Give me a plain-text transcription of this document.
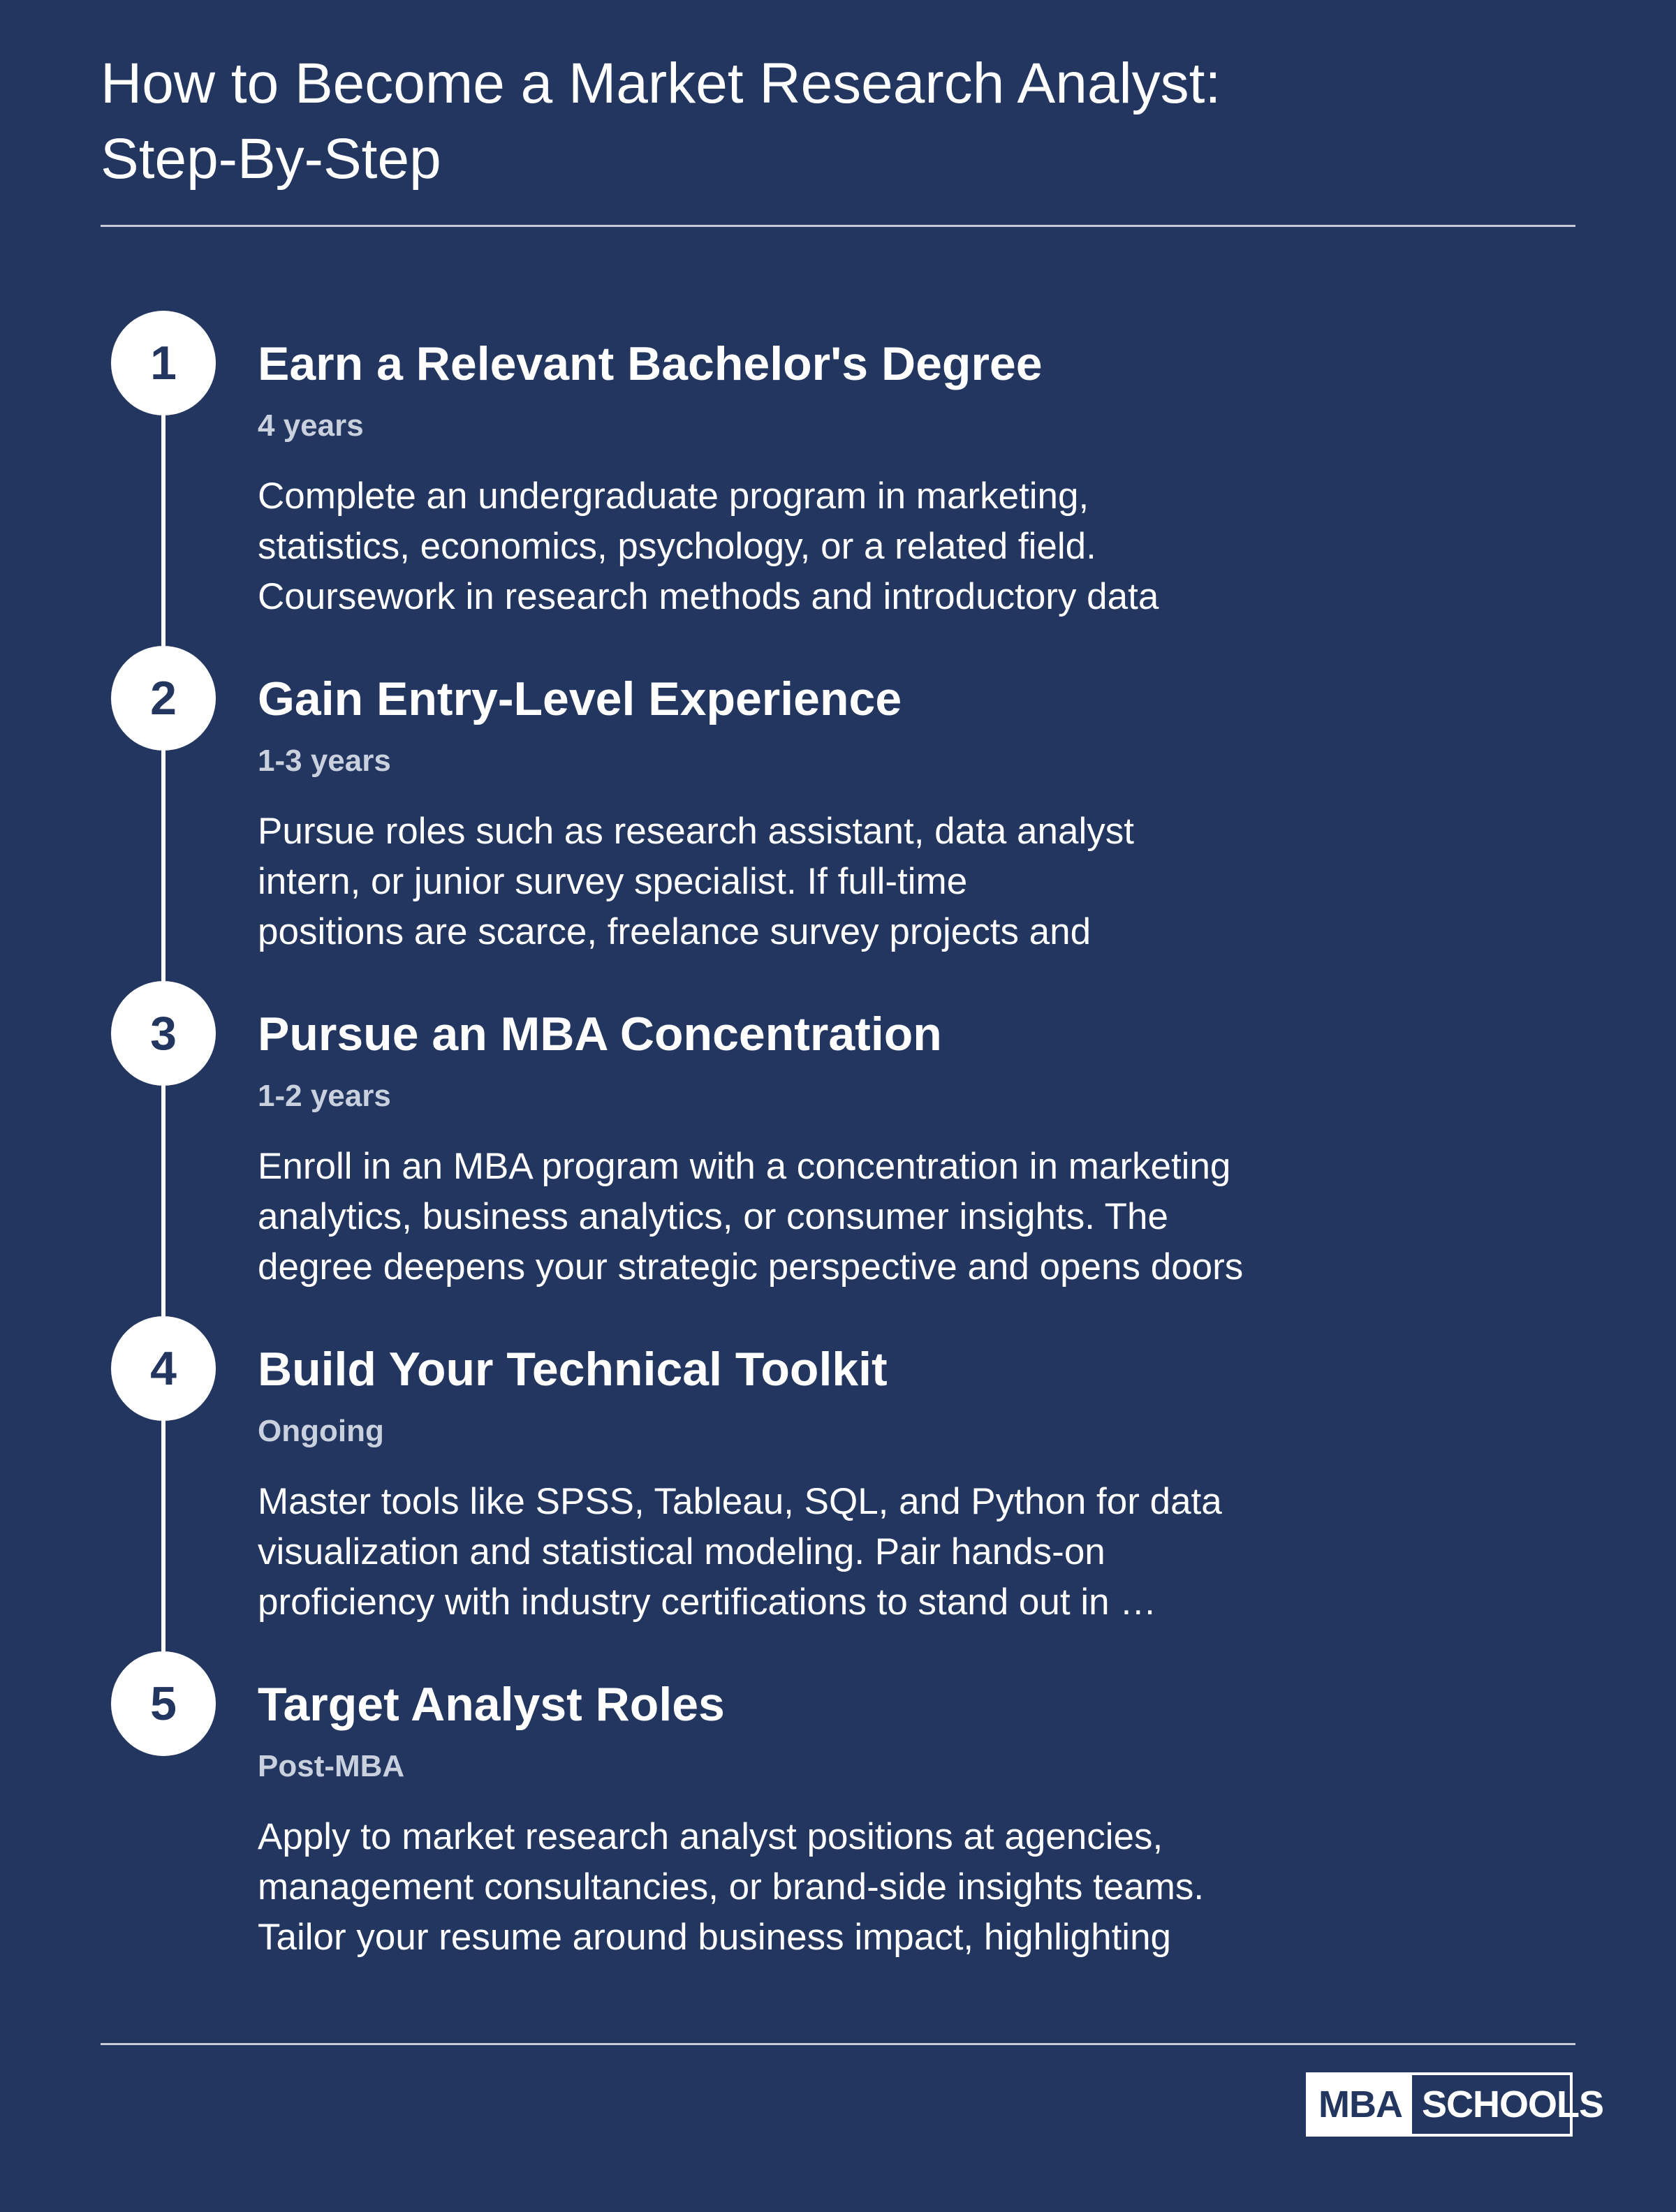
How to Become a Market Research Analyst:
Step-By-Step
1	Earn a Relevant Bachelor's Degree
4 years

Complete an undergraduate program in marketing,
statistics, economics, psychology, or a related field.
Coursework in research methods and introductory data

2	Gain Entry-Level Experience
1-3 years

Pursue roles such as research assistant, data analyst
intern, or junior survey specialist. If full-time
positions are scarce, freelance survey projects and

3	Pursue an MBA Concentration
1-2 years

Enroll in an MBA program with a concentration in marketing
analytics, business analytics, or consumer insights. The
degree deepens your strategic perspective and opens doors

4	Build Your Technical Toolkit
Ongoing

Master tools like SPSS, Tableau, SQL, and Python for data
visualization and statistical modeling. Pair hands-on
proficiency with industry certifications to stand out in …

5	Target Analyst Roles
Post-MBA

Apply to market research analyst positions at agencies,
management consultancies, or brand-side insights teams.
Tailor your resume around business impact, highlighting

MBA SCHOOLS
